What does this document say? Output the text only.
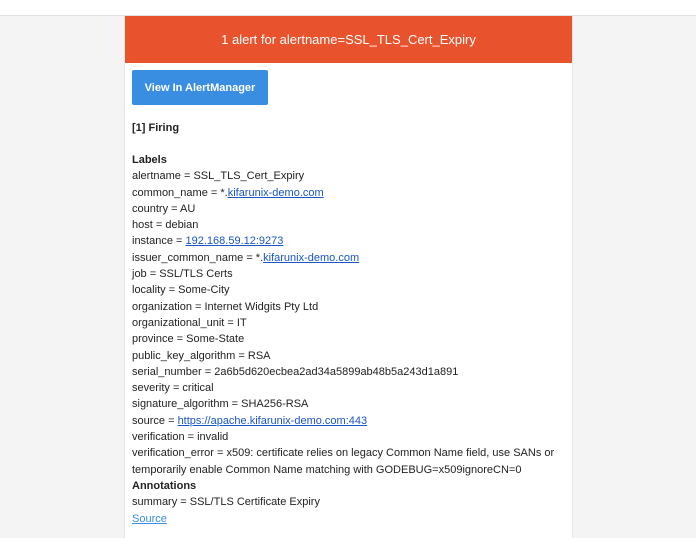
1 alert for alertname=SSL_TLS_Cert_Expiry
View In AlertManager
[1] Firing
Labels
alertname = SSL_TLS_Cert_Expiry
common_name = *.kifarunix-demo.com
country = AU
host = debian
instance = 192.168.59.12:9273
issuer_common_name = *.kifarunix-demo.com
job = SSL/TLS Certs
locality = Some-City
organization = Internet Widgits Pty Ltd
organizational_unit = IT
province = Some-State
public_key_algorithm = RSA
serial_number = 2a6b5d620ecbea2ad34a5899ab48b5a243d1a891
severity = critical
signature_algorithm = SHA256-RSA
source = https://apache.kifarunix-demo.com:443
verification = invalid
verification_error = x509: certificate relies on legacy Common Name field, use SANs or temporarily enable Common Name matching with GODEBUG=x509ignoreCN=0
Annotations
summary = SSL/TLS Certificate Expiry
Source
